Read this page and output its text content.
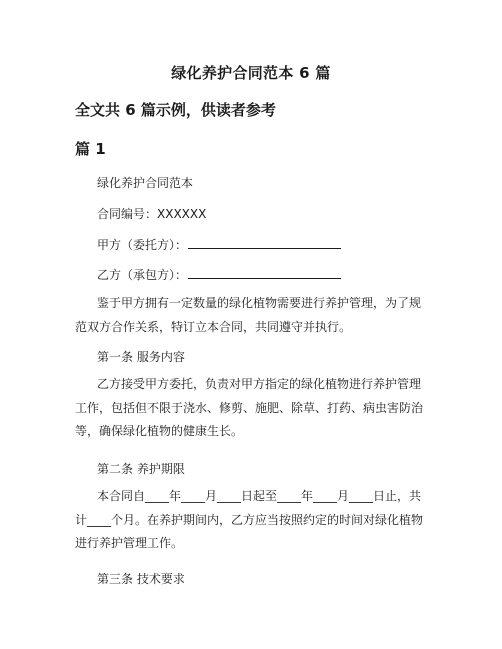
绿化养护合同范本 6 篇
全文共 6 篇示例，供读者参考
篇 1
绿化养护合同范本
合同编号：XXXXXX
甲方（委托方）：
乙方（承包方）：
鉴于甲方拥有一定数量的绿化植物需要进行养护管理，为了规范双方合作关系，特订立本合同，共同遵守并执行。
第一条 服务内容
乙方接受甲方委托，负责对甲方指定的绿化植物进行养护管理工作，包括但不限于浇水、修剪、施肥、除草、打药、病虫害防治等，确保绿化植物的健康生长。
第二条 养护期限
本合同自____年____月____日起至____年____月____日止，共计____个月。在养护期间内，乙方应当按照约定的时间对绿化植物进行养护管理工作。
第三条 技术要求
